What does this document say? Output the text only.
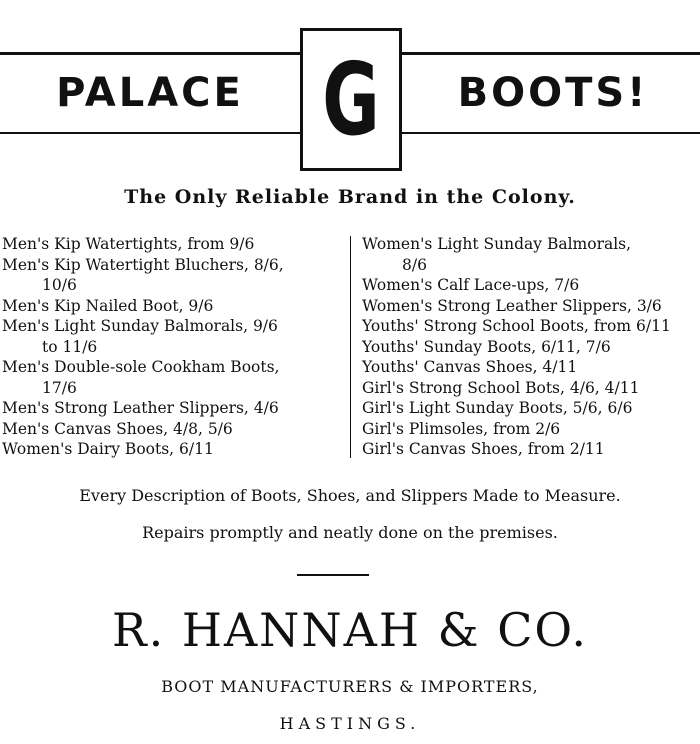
PALACE G	BOOTS!
The Only Reliable Brand in the Colony.
Men's Kip Watertights, from 9/6
Men's Kip Watertight Bluchers, 8/6,
10/6
Men's Kip Nailed Boot, 9/6
Men's Light Sunday Balmorals, 9/6
to 11/6
Men's Double-sole Cookham Boots,
17/6
Men's Strong Leather Slippers, 4/6
Men's Canvas Shoes, 4/8, 5/6
Women's Dairy Boots, 6/11
Women's Light Sunday Balmorals,
8/6
Women's Calf Lace-ups, 7/6
Women's Strong Leather Slippers, 3/6
Youths' Strong School Boots, from 6/11
Youths' Sunday Boots, 6/11, 7/6
Youths' Canvas Shoes, 4/11
Girl's Strong School Bots, 4/6, 4/11
Girl's Light Sunday Boots, 5/6, 6/6
Girl's Plimsoles, from 2/6
Girl's Canvas Shoes, from 2/11
Every Description of Boots, Shoes, and Slippers Made to Measure.
Repairs promptly and neatly done on the premises.
R. HANNAH & CO.
BOOT MANUFACTURERS & IMPORTERS,
HASTINGS.
